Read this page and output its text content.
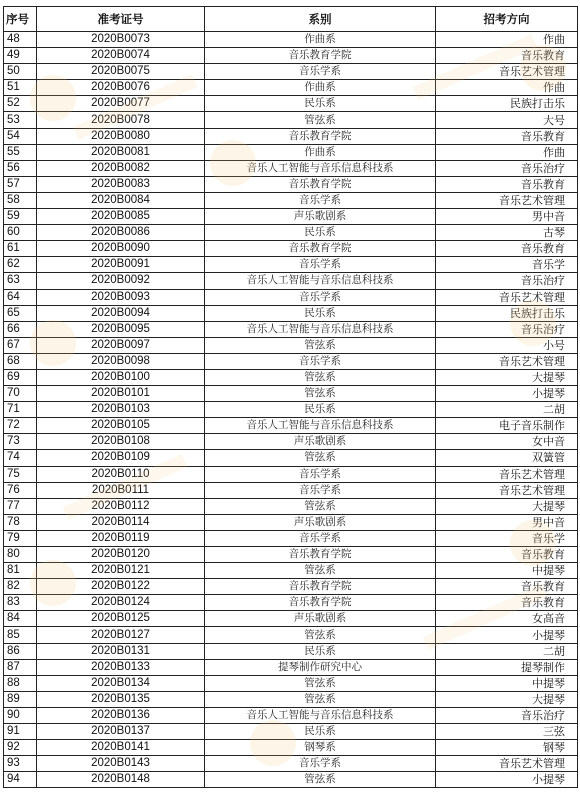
序号	准考证号	系别	招考方向
48	2020B0073	作曲系	作曲
49	2020B0074	音乐教育学院	音乐教育
50	2020B0075	音乐学系	音乐艺术管理
51	2020B0076	作曲系	作曲
52	2020B0077	民乐系	民族打击乐
53	2020B0078	管弦系	大号
54	2020B0080	音乐教育学院	音乐教育
55	2020B0081	作曲系	作曲
56	2020B0082	音乐人工智能与音乐信息科技系	音乐治疗
57	2020B0083	音乐教育学院	音乐教育
58	2020B0084	音乐学系	音乐艺术管理
59	2020B0085	声乐歌剧系	男中音
60	2020B0086	民乐系	古琴
61	2020B0090	音乐教育学院	音乐教育
62	2020B0091	音乐学系	音乐学
63	2020B0092	音乐人工智能与音乐信息科技系	音乐治疗
64	2020B0093	音乐学系	音乐艺术管理
65	2020B0094	民乐系	民族打击乐
66	2020B0095	音乐人工智能与音乐信息科技系	音乐治疗
67	2020B0097	管弦系	小号
68	2020B0098	音乐学系	音乐艺术管理
69	2020B0100	管弦系	大提琴
70	2020B0101	管弦系	小提琴
71	2020B0103	民乐系	二胡
72	2020B0105	音乐人工智能与音乐信息科技系	电子音乐制作
73	2020B0108	声乐歌剧系	女中音
74	2020B0109	管弦系	双簧管
75	2020B0110	音乐学系	音乐艺术管理
76	2020B0111	音乐学系	音乐艺术管理
77	2020B0112	管弦系	大提琴
78	2020B0114	声乐歌剧系	男中音
79	2020B0119	音乐学系	音乐学
80	2020B0120	音乐教育学院	音乐教育
81	2020B0121	管弦系	中提琴
82	2020B0122	音乐教育学院	音乐教育
83	2020B0124	音乐教育学院	音乐教育
84	2020B0125	声乐歌剧系	女高音
85	2020B0127	管弦系	小提琴
86	2020B0131	民乐系	二胡
87	2020B0133	提琴制作研究中心	提琴制作
88	2020B0134	管弦系	中提琴
89	2020B0135	管弦系	大提琴
90	2020B0136	音乐人工智能与音乐信息科技系	音乐治疗
91	2020B0137	民乐系	三弦
92	2020B0141	钢琴系	钢琴
93	2020B0143	音乐学系	音乐艺术管理
94	2020B0148	管弦系	小提琴
